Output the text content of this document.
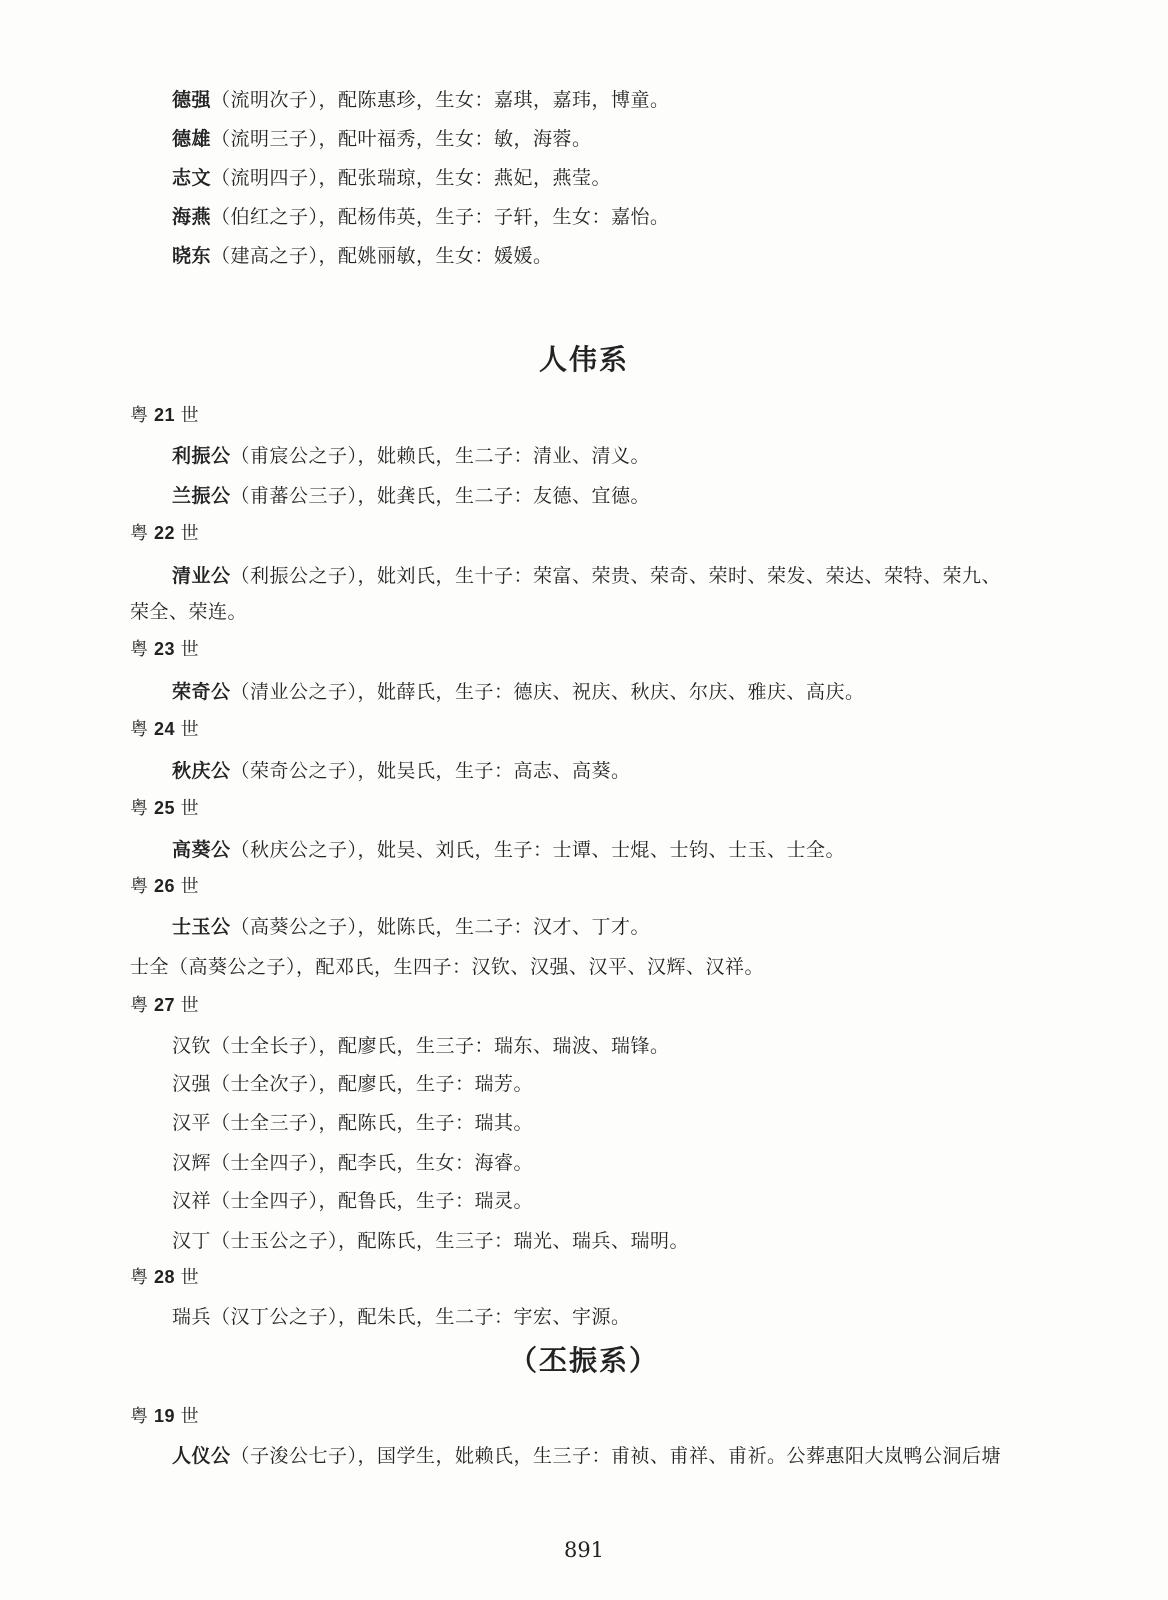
德强（流明次子），配陈惠珍，生女：嘉琪，嘉玮，博童。
德雄（流明三子），配叶福秀，生女：敏，海蓉。
志文（流明四子），配张瑞琼，生女：燕妃，燕莹。
海燕（伯红之子），配杨伟英，生子：子轩，生女：嘉怡。
晓东（建高之子），配姚丽敏，生女：媛媛。
人伟系
粤 21 世
利振公（甫宸公之子），妣赖氏，生二子：清业、清义。
兰振公（甫蕃公三子），妣龚氏，生二子：友德、宜德。
粤 22 世
清业公（利振公之子），妣刘氏，生十子：荣富、荣贵、荣奇、荣时、荣发、荣达、荣特、荣九、
荣全、荣连。
粤 23 世
荣奇公（清业公之子），妣薛氏，生子：德庆、祝庆、秋庆、尔庆、雅庆、高庆。
粤 24 世
秋庆公（荣奇公之子），妣吴氏，生子：高志、高葵。
粤 25 世
高葵公（秋庆公之子），妣吴、刘氏，生子：士谭、士焜、士钧、士玉、士全。
粤 26 世
士玉公（高葵公之子），妣陈氏，生二子：汉才、丁才。
士全（高葵公之子），配邓氏，生四子：汉钦、汉强、汉平、汉辉、汉祥。
粤 27 世
汉钦（士全长子），配廖氏，生三子：瑞东、瑞波、瑞锋。
汉强（士全次子），配廖氏，生子：瑞芳。
汉平（士全三子），配陈氏，生子：瑞其。
汉辉（士全四子），配李氏，生女：海睿。
汉祥（士全四子），配鲁氏，生子：瑞灵。
汉丁（士玉公之子），配陈氏，生三子：瑞光、瑞兵、瑞明。
粤 28 世
瑞兵（汉丁公之子），配朱氏，生二子：宇宏、宇源。
（丕振系）
粤 19 世
人仪公（子浚公七子），国学生，妣赖氏，生三子：甫祯、甫祥、甫祈。公葬惠阳大岚鸭公洞后塘
891
